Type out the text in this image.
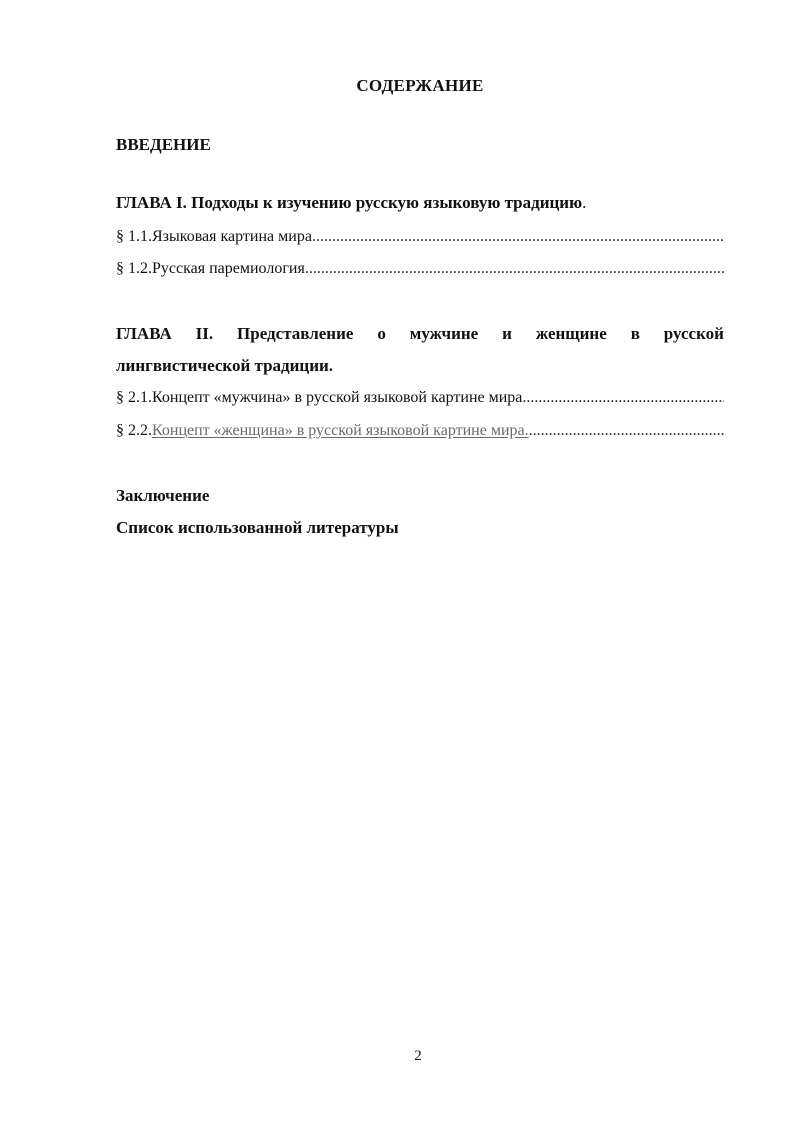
СОДЕРЖАНИЕ
ВВЕДЕНИЕ
ГЛАВА I. Подходы к изучению русскую языковую традицию.
§ 1.1. Языковая картина мира
.....
§ 1.2. Русская паремиология
.....
ГЛАВА II. Представление о мужчине и женщине в русской
лингвистической традиции.
§ 2.1. Концепт «мужчина» в русской языковой картине мира
.....
§ 2.2. Концепт «женщина» в русской языковой картине мира.
.....
Заключение
Список использованной литературы
2
